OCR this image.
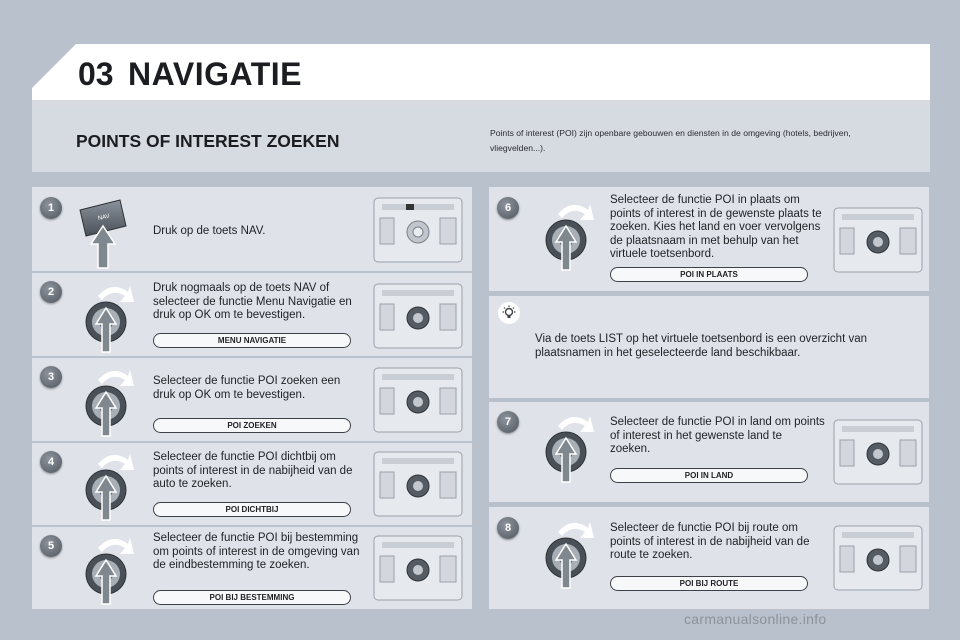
03 NAVIGATIE
POINTS OF INTEREST ZOEKEN	Points of interest (POI) zijn openbare gebouwen en diensten in de omgeving (hotels, bedrijven, vliegvelden...).
1
NAV
Druk op de toets NAV.
2	Druk nogmaals op de toets NAV of selecteer de functie Menu Navigatie en druk op OK om te bevestigen.
MENU NAVIGATIE
3	Selecteer de functie POI zoeken een druk op OK om te bevestigen.
POI ZOEKEN
4	Selecteer de functie POI dichtbij om points of interest in de nabijheid van de auto te zoeken.
POI DICHTBIJ
5
Selecteer de functie POI bij bestemming om points of interest in de omgeving van de eindbestemming te zoeken.
POI BIJ BESTEMMING
6
Selecteer de functie POI in plaats om points of interest in de gewenste plaats te zoeken. Kies het land en voer vervolgens de plaatsnaam in met behulp van het virtuele toetsenbord.
POI IN PLAATS
Via de toets LIST op het virtuele toetsenbord is een overzicht van plaatsnamen in het geselecteerde land beschikbaar.
7	Selecteer de functie POI in land om points of interest in het gewenste land te zoeken.
POI IN LAND
8	Selecteer de functie POI bij route om points of interest in de nabijheid van de route te zoeken.
POI BIJ ROUTE
carmanualsonline.info
